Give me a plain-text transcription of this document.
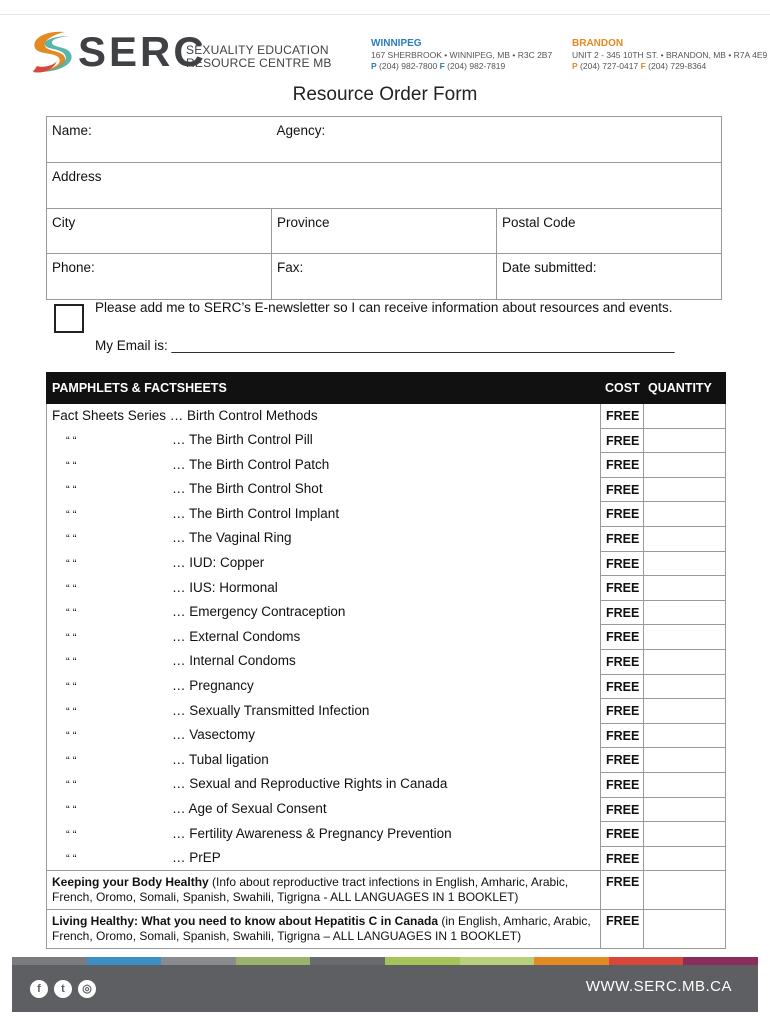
SERC
SEXUALITY EDUCATION
RESOURCE CENTRE MB
WINNIPEG
167 SHERBROOK • WINNIPEG, MB • R3C 2B7
P (204) 982-7800 F (204) 982-7819
BRANDON
UNIT 2 - 345 10TH ST. • BRANDON, MB • R7A 4E9
P (204) 727-0417 F (204) 729-8364
Resource Order Form
Name:	Agency:	
Address		
City	Province	Postal Code
Phone:	Fax:	Date submitted:
Please add me to SERC’s E-newsletter so I can receive information about resources and events.
My Email is: ___________________________________________________________________
PAMPHLETS & FACTSHEETS	COST	QUANTITY
Fact Sheets Series … Birth Control Methods	FREE	
“ “ … The Birth Control Pill	FREE	
“ “ … The Birth Control Patch	FREE	
“ “ … The Birth Control Shot	FREE	
“ “ … The Birth Control Implant	FREE	
“ “ … The Vaginal Ring	FREE	
“ “ … IUD: Copper	FREE	
“ “ … IUS: Hormonal	FREE	
“ “ … Emergency Contraception	FREE	
“ “ … External Condoms	FREE	
“ “ … Internal Condoms	FREE	
“ “ … Pregnancy	FREE	
“ “ … Sexually Transmitted Infection	FREE	
“ “ … Vasectomy	FREE	
“ “ … Tubal ligation	FREE	
“ “ … Sexual and Reproductive Rights in Canada	FREE	
“ “ … Age of Sexual Consent	FREE	
“ “ … Fertility Awareness & Pregnancy Prevention	FREE	
“ “ … PrEP	FREE	
Keeping your Body Healthy (Info about reproductive tract infections in English, Amharic, Arabic, French, Oromo, Somali, Spanish, Swahili, Tigrigna - ALL LANGUAGES IN 1 BOOKLET)	FREE	
Living Healthy: What you need to know about Hepatitis C in Canada (in English, Amharic, Arabic, French, Oromo, Somali, Spanish, Swahili, Tigrigna – ALL LANGUAGES IN 1 BOOKLET)	FREE	
f	t	◎	WWW.SERC.MB.CA
